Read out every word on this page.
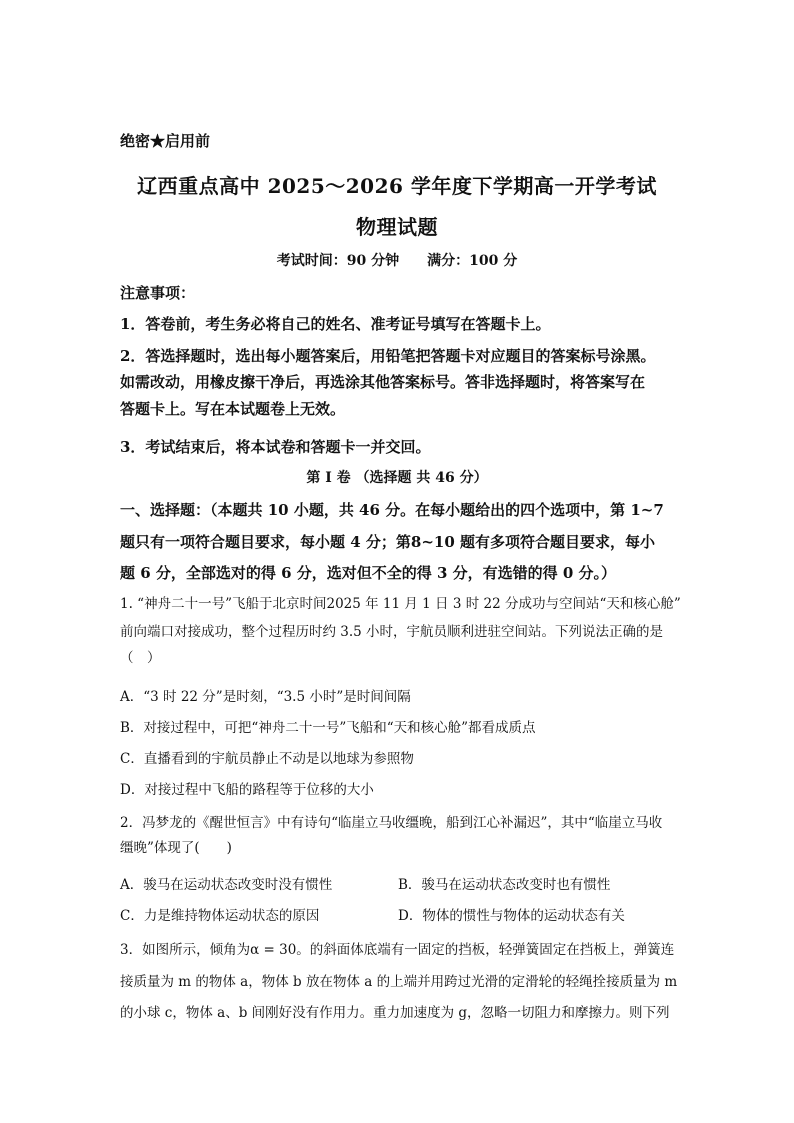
绝密★启用前
辽西重点高中 2025～2026 学年度下学期高一开学考试
物理试题
考试时间：90 分钟　　满分：100 分
注意事项：
1．答卷前，考生务必将自己的姓名、准考证号填写在答题卡上。
2．答选择题时，选出每小题答案后，用铅笔把答题卡对应题目的答案标号涂黑。
如需改动，用橡皮擦干净后，再选涂其他答案标号。答非选择题时，将答案写在
答题卡上。写在本试题卷上无效。
3．考试结束后，将本试卷和答题卡一并交回。
第 I 卷 （选择题 共 46 分）
一、选择题：（本题共 10 小题，共 46 分。在每小题给出的四个选项中，第 1~7
题只有一项符合题目要求，每小题 4 分；第8~10 题有多项符合题目要求，每小
题 6 分，全部选对的得 6 分，选对但不全的得 3 分，有选错的得 0 分。）
1. “神舟二十一号”飞船于北京时间2025 年 11 月 1 日 3 时 22 分成功与空间站“天和核心舱”
前向端口对接成功，整个过程历时约 3.5 小时，宇航员顺利进驻空间站。下列说法正确的是
（　）
A．“3 时 22 分”是时刻，“3.5 小时”是时间间隔
B．对接过程中，可把“神舟二十一号”飞船和“天和核心舱”都看成质点
C．直播看到的宇航员静止不动是以地球为参照物
D．对接过程中飞船的路程等于位移的大小
2．冯梦龙的《醒世恒言》中有诗句“临崖立马收缰晚，船到江心补漏迟”，其中“临崖立马收
缰晚”体现了(　　)
A．骏马在运动状态改变时没有惯性	B．骏马在运动状态改变时也有惯性
C．力是维持物体运动状态的原因	D．物体的惯性与物体的运动状态有关
3．如图所示，倾角为α = 30。的斜面体底端有一固定的挡板，轻弹簧固定在挡板上，弹簧连
接质量为 m 的物体 a，物体 b 放在物体 a 的上端并用跨过光滑的定滑轮的轻绳拴接质量为 m
的小球 c，物体 a、b 间刚好没有作用力。重力加速度为 g，忽略一切阻力和摩擦力。则下列
